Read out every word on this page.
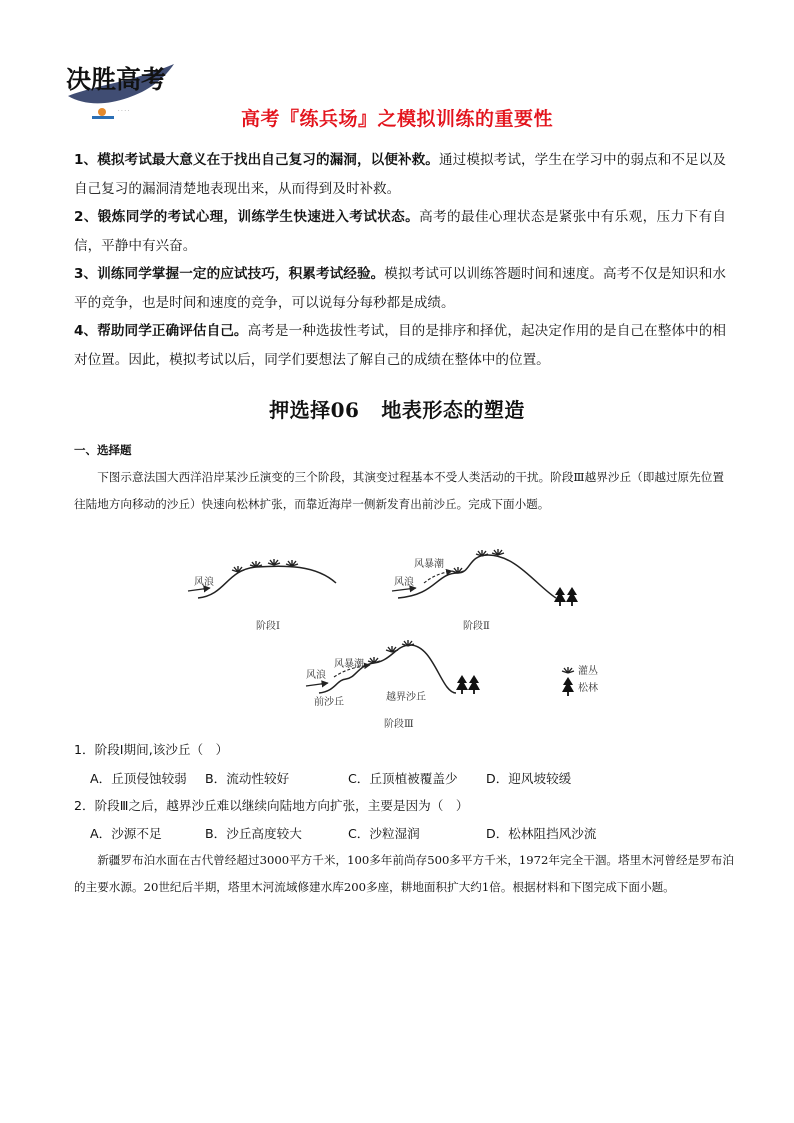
决胜高考
· · · ·	高考『练兵场』之模拟训练的重要性

1、模拟考试最大意义在于找出自己复习的漏洞，以便补救。通过模拟考试，学生在学习中的弱点和不足以及自己复习的漏洞清楚地表现出来，从而得到及时补救。

2、锻炼同学的考试心理，训练学生快速进入考试状态。高考的最佳心理状态是紧张中有乐观，压力下有自信，平静中有兴奋。

3、训练同学掌握一定的应试技巧，积累考试经验。模拟考试可以训练答题时间和速度。高考不仅是知识和水平的竞争，也是时间和速度的竞争，可以说每分每秒都是成绩。

4、帮助同学正确评估自己。高考是一种选拔性考试，目的是排序和择优，起决定作用的是自己在整体中的相对位置。因此，模拟考试以后，同学们要想法了解自己的成绩在整体中的位置。

押选择06 地表形态的塑造
一、选择题

下图示意法国大西洋沿岸某沙丘演变的三个阶段，其演变过程基本不受人类活动的干扰。阶段Ⅲ越界沙丘（即越过原先位置往陆地方向移动的沙丘）快速向松林扩张，而靠近海岸一侧新发育出前沙丘。完成下面小题。

风浪
阶段Ⅰ
风浪
风暴潮
阶段Ⅱ
风浪
风暴潮
前沙丘	越界沙丘
阶段Ⅲ
灌丛
松林
1．阶段Ⅰ期间,该沙丘（　）
A．丘顶侵蚀较弱 B．流动性较好	C．丘顶植被覆盖少 D．迎风坡较缓
2．阶段Ⅲ之后，越界沙丘难以继续向陆地方向扩张，主要是因为（　）
A．沙源不足	B．沙丘高度较大	C．沙粒湿润	D．松林阻挡风沙流

新疆罗布泊水面在古代曾经超过3000平方千米，100多年前尚存500多平方千米，1972年完全干涸。塔里木河曾经是罗布泊的主要水源。20世纪后半期，塔里木河流域修建水库200多座，耕地面积扩大约1倍。根据材料和下图完成下面小题。
